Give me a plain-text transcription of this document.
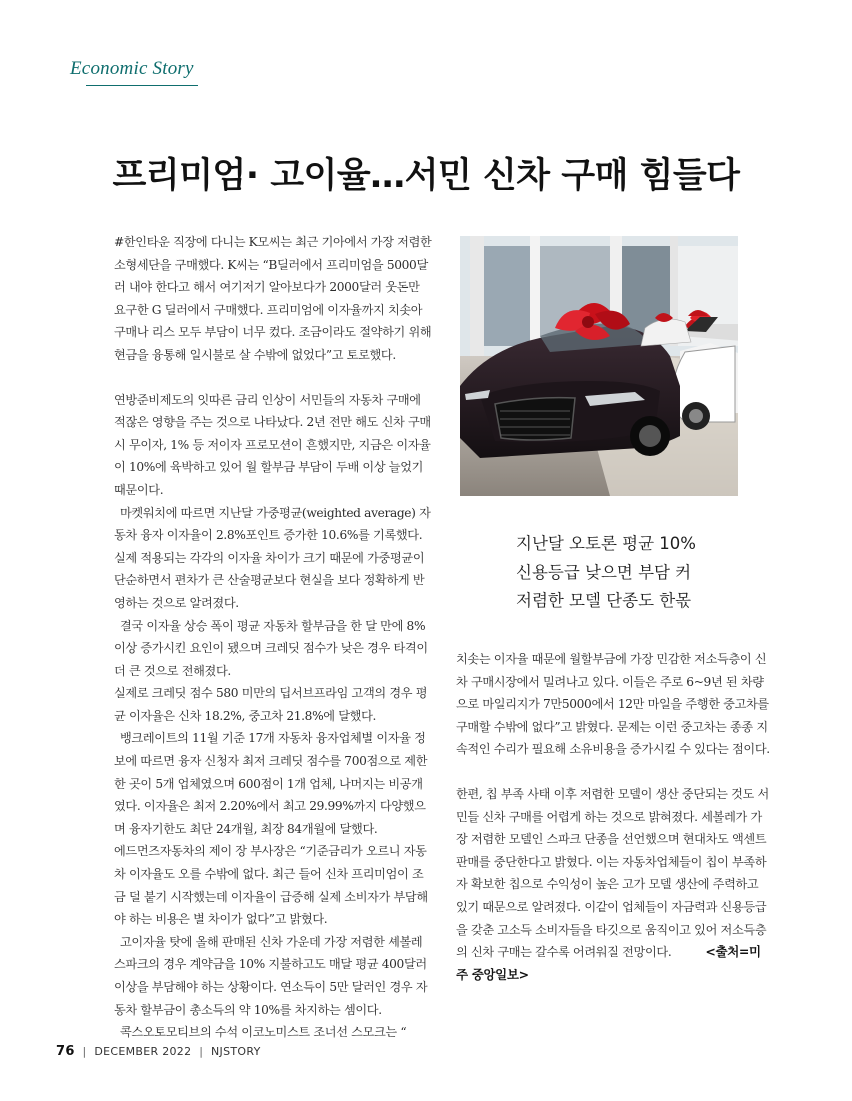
Economic Story
프리미엄· 고이율…서민 신차 구매 힘들다

#한인타운 직장에 다니는 K모씨는 최근 기아에서 가장 저렴한 소형세단을 구매했다. K씨는 “B딜러에서 프리미엄을 5000달러 내야 한다고 해서 여기저기 알아보다가 2000달러 웃돈만 요구한 G 딜러에서 구매했다. 프리미엄에 이자율까지 치솟아 구매나 리스 모두 부담이 너무 컸다. 조금이라도 절약하기 위해 현금을 융통해 일시불로 살 수밖에 없었다”고 토로했다.

연방준비제도의 잇따른 금리 인상이 서민들의 자동차 구매에 적잖은 영향을 주는 것으로 나타났다. 2년 전만 해도 신차 구매시 무이자, 1% 등 저이자 프로모션이 흔했지만, 지금은 이자율이 10%에 육박하고 있어 월 할부금 부담이 두배 이상 늘었기 때문이다.

마켓워치에 따르면 지난달 가중평균(weighted average) 자동차 융자 이자율이 2.8%포인트 증가한 10.6%를 기록했다. 실제 적용되는 각각의 이자율 차이가 크기 때문에 가중평균이 단순하면서 편차가 큰 산술평균보다 현실을 보다 정확하게 반영하는 것으로 알려졌다.

결국 이자율 상승 폭이 평균 자동차 할부금을 한 달 만에 8% 이상 증가시킨 요인이 됐으며 크레딧 점수가 낮은 경우 타격이 더 큰 것으로 전해졌다.

실제로 크레딧 점수 580 미만의 딥서브프라임 고객의 경우 평균 이자율은 신차 18.2%, 중고차 21.8%에 달했다.

뱅크레이트의 11월 기준 17개 자동차 융자업체별 이자율 정보에 따르면 융자 신청자 최저 크레딧 점수를 700점으로 제한한 곳이 5개 업체였으며 600점이 1개 업체, 나머지는 비공개였다. 이자율은 최저 2.20%에서 최고 29.99%까지 다양했으며 융자기한도 최단 24개월, 최장 84개월에 달했다.

에드먼즈자동차의 제이 장 부사장은 “기준금리가 오르니 자동차 이자율도 오를 수밖에 없다. 최근 들어 신차 프리미엄이 조금 덜 붙기 시작했는데 이자율이 급증해 실제 소비자가 부담해야 하는 비용은 별 차이가 없다”고 밝혔다.

고이자율 탓에 올해 판매된 신차 가운데 가장 저렴한 셰볼레 스파크의 경우 계약금을 10% 지불하고도 매달 평균 400달러 이상을 부담해야 하는 상황이다. 연소득이 5만 달러인 경우 자동차 할부금이 총소득의 약 10%를 차지하는 셈이다.

콕스오토모티브의 수석 이코노미스트 조너선 스모크는 “

지난달 오토론 평균 10%
신용등급 낮으면 부담 커
저렴한 모델 단종도 한몫

치솟는 이자율 때문에 월할부금에 가장 민감한 저소득층이 신차 구매시장에서 밀려나고 있다. 이들은 주로 6~9년 된 차량으로 마일리지가 7만5000에서 12만 마일을 주행한 중고차를 구매할 수밖에 없다”고 밝혔다. 문제는 이런 중고차는 종종 지속적인 수리가 필요해 소유비용을 증가시킬 수 있다는 점이다.

한편, 칩 부족 사태 이후 저렴한 모델이 생산 중단되는 것도 서민들 신차 구매를 어렵게 하는 것으로 밝혀졌다. 세볼레가 가장 저렴한 모델인 스파크 단종을 선언했으며 현대차도 액센트 판매를 중단한다고 밝혔다. 이는 자동차업체들이 칩이 부족하자 확보한 칩으로 수익성이 높은 고가 모델 생산에 주력하고 있기 때문으로 알려졌다. 이같이 업체들이 자금력과 신용등급을 갖춘 고소득 소비자들을 타깃으로 움직이고 있어 저소득층의 신차 구매는 갈수록 어려워질 전망이다.	<출처=미주 중앙일보>

76 | DECEMBER 2022 | NJSTORY
